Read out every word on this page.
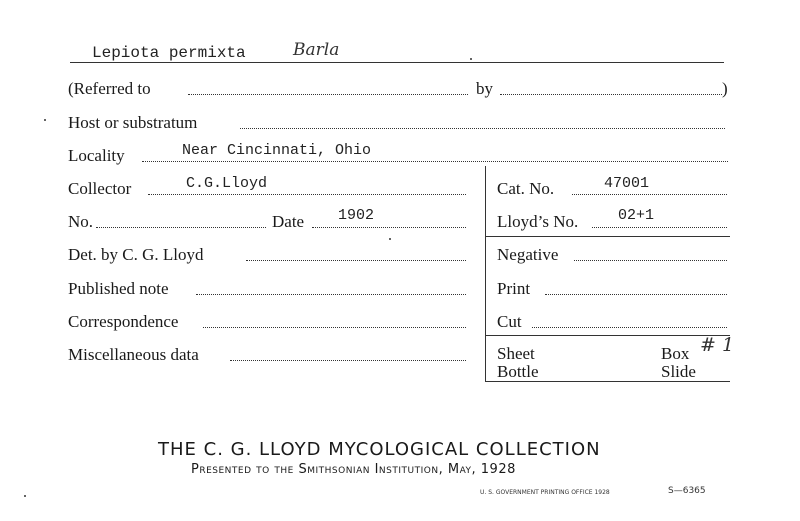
Lepiota permixta	Barla
(Referred to	by	)
Host or substratum
Locality	Near Cincinnati, Ohio
Collector	C.G.Lloyd	Cat. No.	47001
No.	Date 1902	Lloyd’s No.	02+1
Det. by C. G. Lloyd	Negative
Published note	Print
Correspondence	Cut
Miscellaneous data	Sheet	Box # 1
Bottle	Slide
THE C. G. LLOYD MYCOLOGICAL COLLECTION
Presented to the Smithsonian Institution, May, 1928
U. S. GOVERNMENT PRINTING OFFICE 1928	S—6365
